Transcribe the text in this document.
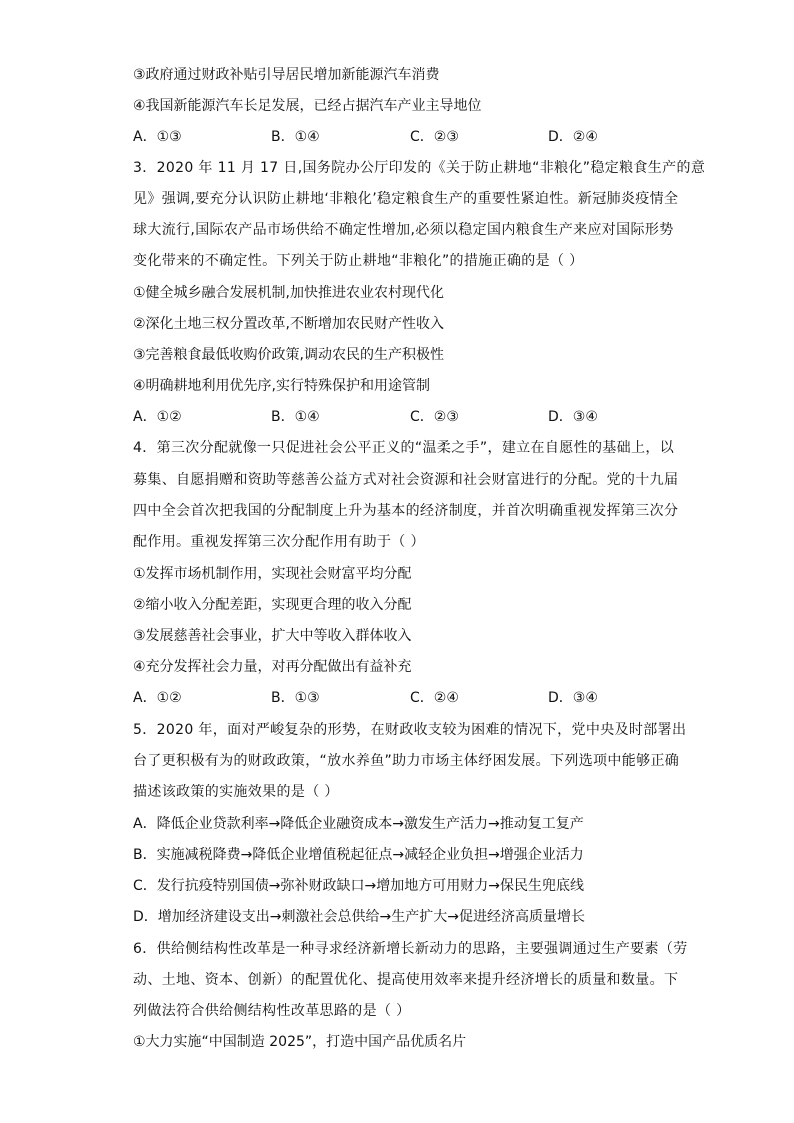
③政府通过财政补贴引导居民增加新能源汽车消费
④我国新能源汽车长足发展，已经占据汽车产业主导地位
A．①③	B．①④	C．②③	D．②④
3．2020 年 11 月 17 日,国务院办公厅印发的《关于防止耕地“非粮化”稳定粮食生产的意
见》强调,要充分认识防止耕地‘非粮化’稳定粮食生产的重要性紧迫性。新冠肺炎疫情全
球大流行,国际农产品市场供给不确定性增加,必须以稳定国内粮食生产来应对国际形势
变化带来的不确定性。下列关于防止耕地“非粮化”的措施正确的是（ ）
①健全城乡融合发展机制,加快推进农业农村现代化
②深化土地三权分置改革,不断增加农民财产性收入
③完善粮食最低收购价政策,调动农民的生产积极性
④明确耕地利用优先序,实行特殊保护和用途管制
A．①②	B．①④	C．②③	D．③④
4．第三次分配就像一只促进社会公平正义的“温柔之手”，建立在自愿性的基础上，以
募集、自愿捐赠和资助等慈善公益方式对社会资源和社会财富进行的分配。党的十九届
四中全会首次把我国的分配制度上升为基本的经济制度，并首次明确重视发挥第三次分
配作用。重视发挥第三次分配作用有助于（ ）
①发挥市场机制作用，实现社会财富平均分配
②缩小收入分配差距，实现更合理的收入分配
③发展慈善社会事业，扩大中等收入群体收入
④充分发挥社会力量，对再分配做出有益补充
A．①②	B．①③	C．②④	D．③④
5．2020 年，面对严峻复杂的形势，在财政收支较为困难的情况下，党中央及时部署出
台了更积极有为的财政政策，“放水养鱼”助力市场主体纾困发展。下列选项中能够正确
描述该政策的实施效果的是（ ）
A．降低企业贷款利率→降低企业融资成本→激发生产活力→推动复工复产
B．实施减税降费→降低企业增值税起征点→减轻企业负担→增强企业活力
C．发行抗疫特别国债→弥补财政缺口→增加地方可用财力→保民生兜底线
D．增加经济建设支出→刺激社会总供给→生产扩大→促进经济高质量增长
6．供给侧结构性改革是一种寻求经济新增长新动力的思路，主要强调通过生产要素（劳
动、土地、资本、创新）的配置优化、提高使用效率来提升经济增长的质量和数量。下
列做法符合供给侧结构性改革思路的是（ ）
①大力实施“中国制造 2025”，打造中国产品优质名片
